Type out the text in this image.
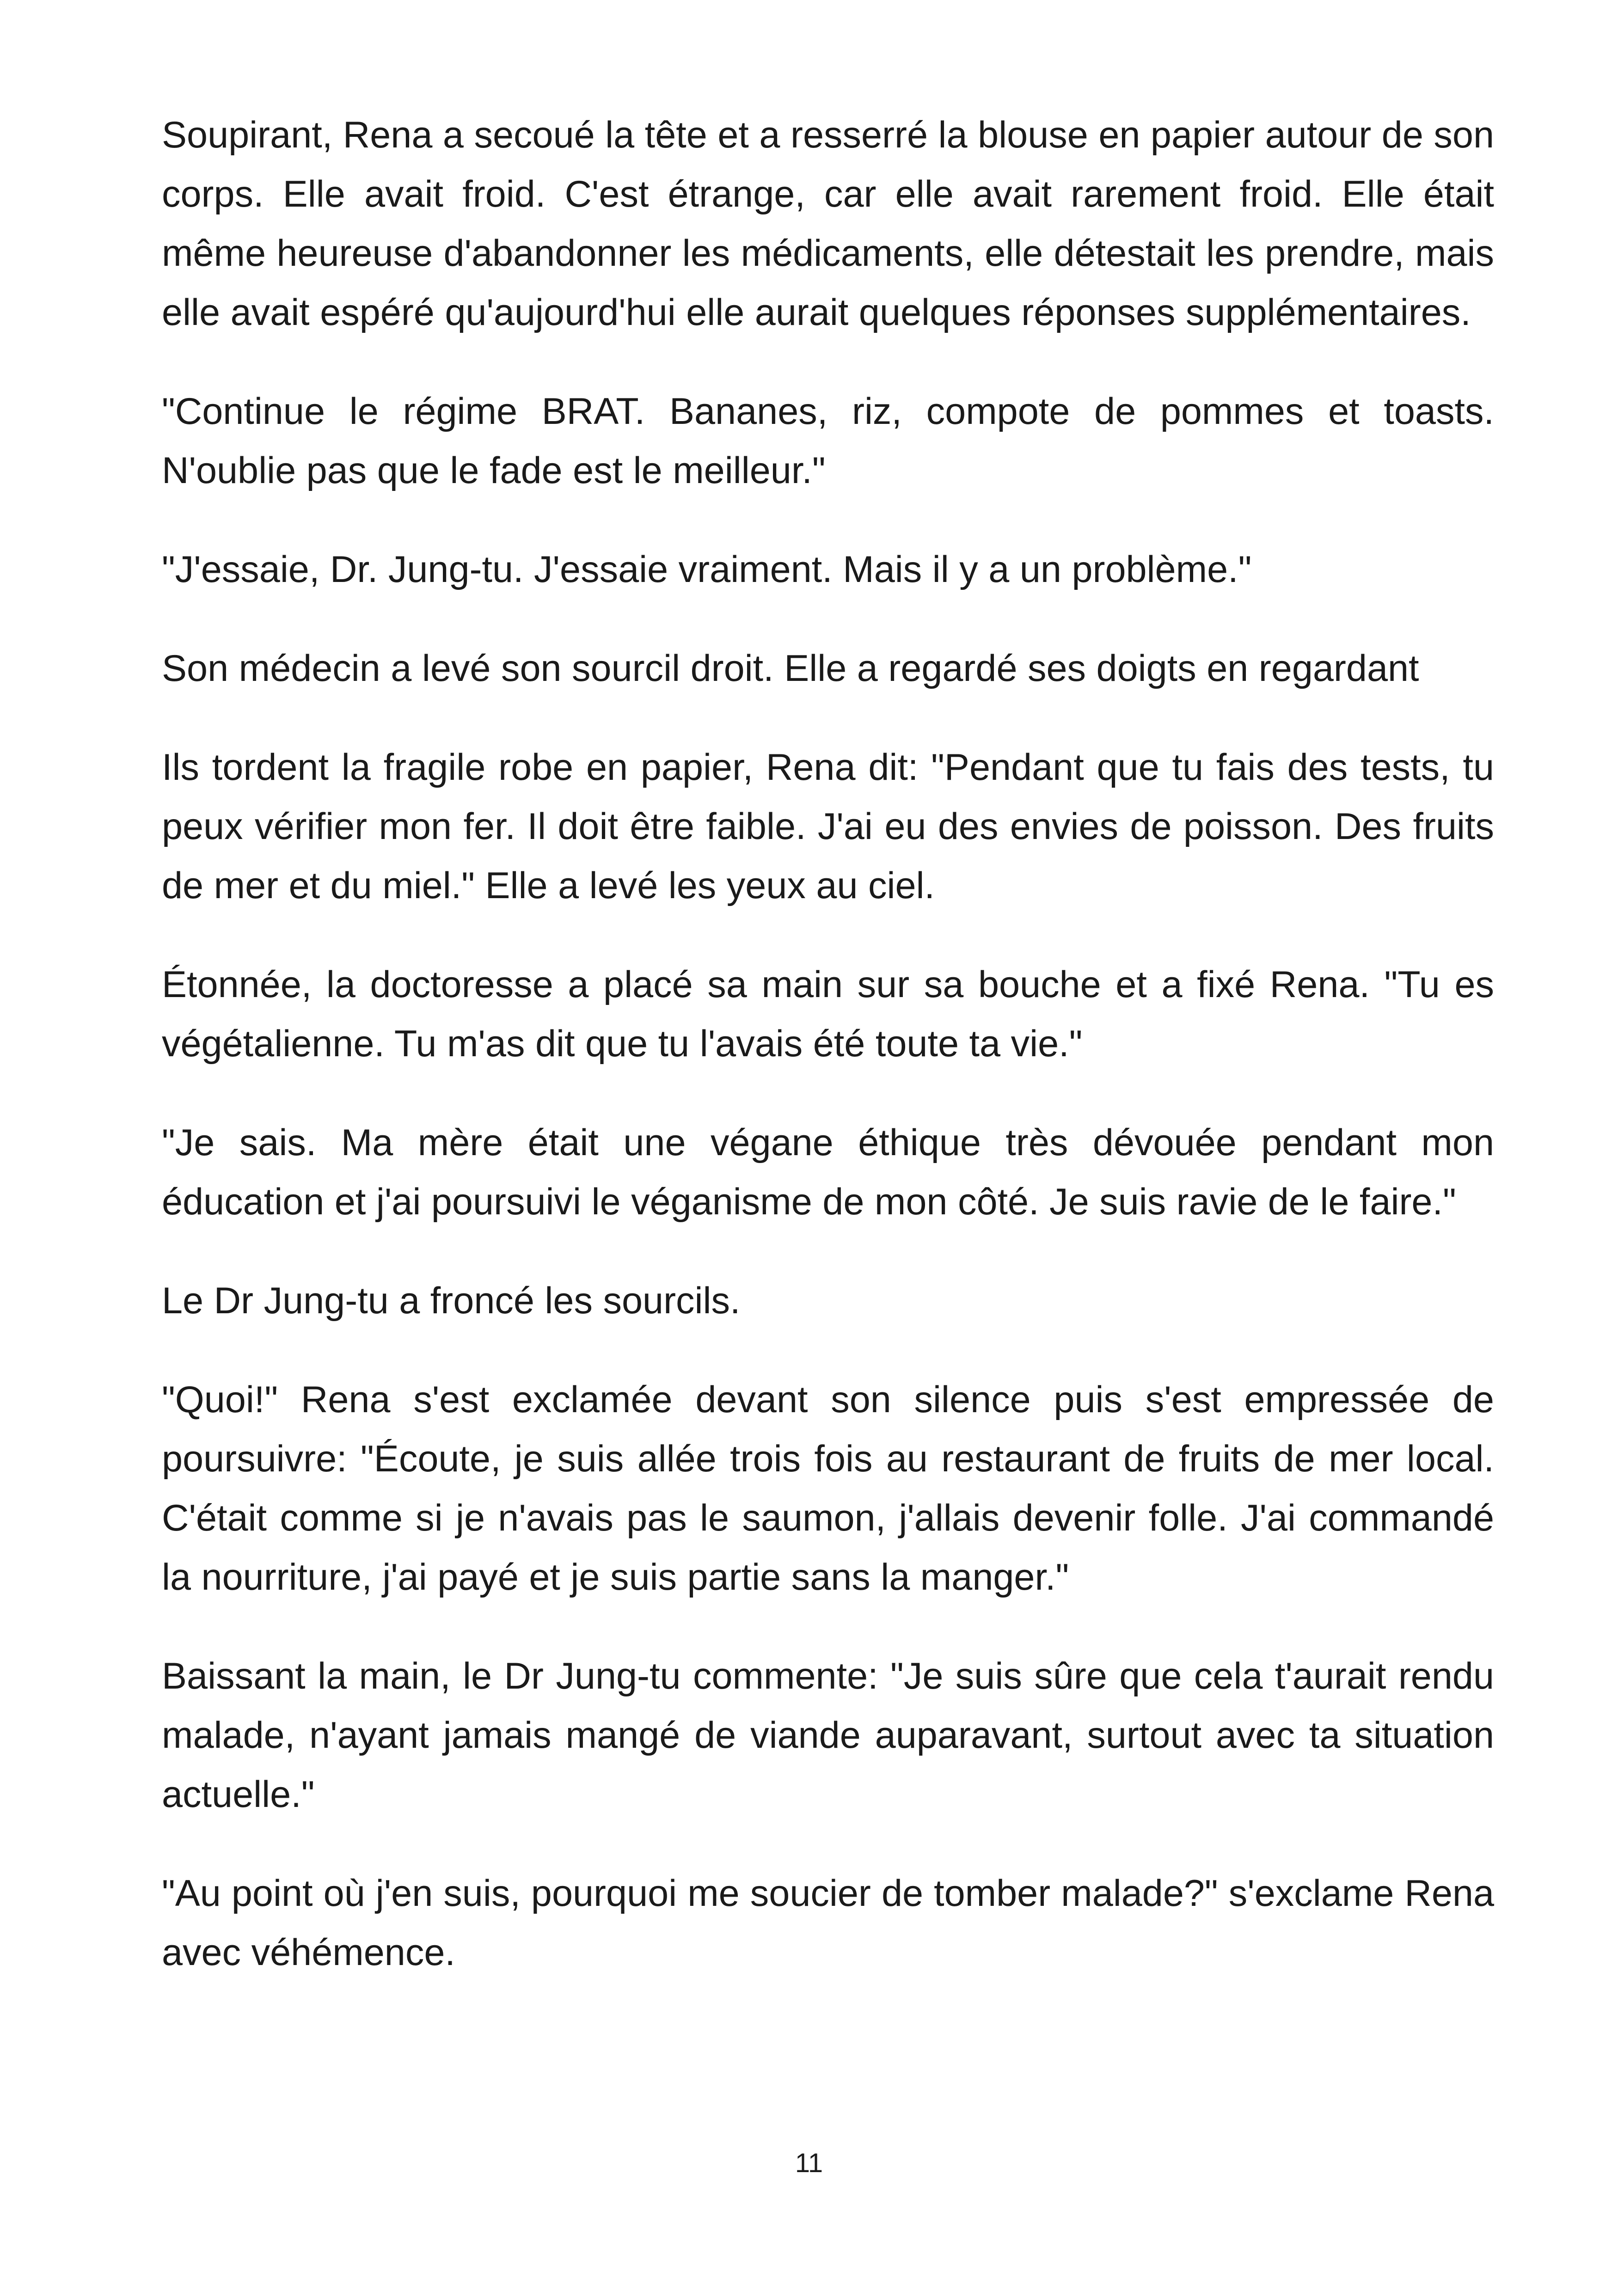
Soupirant, Rena a secoué la tête et a resserré la blouse en papier autour de son corps. Elle avait froid. C'est étrange, car elle avait rarement froid. Elle était même heureuse d'abandonner les médicaments, elle détestait les prendre, mais elle avait espéré qu'aujourd'hui elle aurait quelques réponses supplémentaires.

"Continue le régime BRAT. Bananes, riz, compote de pommes et toasts. N'oublie pas que le fade est le meilleur."

"J'essaie, Dr. Jung-tu. J'essaie vraiment. Mais il y a un problème."

Son médecin a levé son sourcil droit. Elle a regardé ses doigts en regardant

Ils tordent la fragile robe en papier, Rena dit: "Pendant que tu fais des tests, tu peux vérifier mon fer. Il doit être faible. J'ai eu des envies de poisson. Des fruits de mer et du miel." Elle a levé les yeux au ciel.

Étonnée, la doctoresse a placé sa main sur sa bouche et a fixé Rena. "Tu es végétalienne. Tu m'as dit que tu l'avais été toute ta vie."

"Je sais. Ma mère était une végane éthique très dévouée pendant mon éducation et j'ai poursuivi le véganisme de mon côté. Je suis ravie de le faire."

Le Dr Jung-tu a froncé les sourcils.

"Quoi!" Rena s'est exclamée devant son silence puis s'est empressée de poursuivre: "Écoute, je suis allée trois fois au restaurant de fruits de mer local. C'était comme si je n'avais pas le saumon, j'allais devenir folle. J'ai commandé la nourriture, j'ai payé et je suis partie sans la manger."

Baissant la main, le Dr Jung-tu commente: "Je suis sûre que cela t'aurait rendu malade, n'ayant jamais mangé de viande auparavant, surtout avec ta situation actuelle."

"Au point où j'en suis, pourquoi me soucier de tomber malade?" s'exclame Rena avec véhémence.

11
